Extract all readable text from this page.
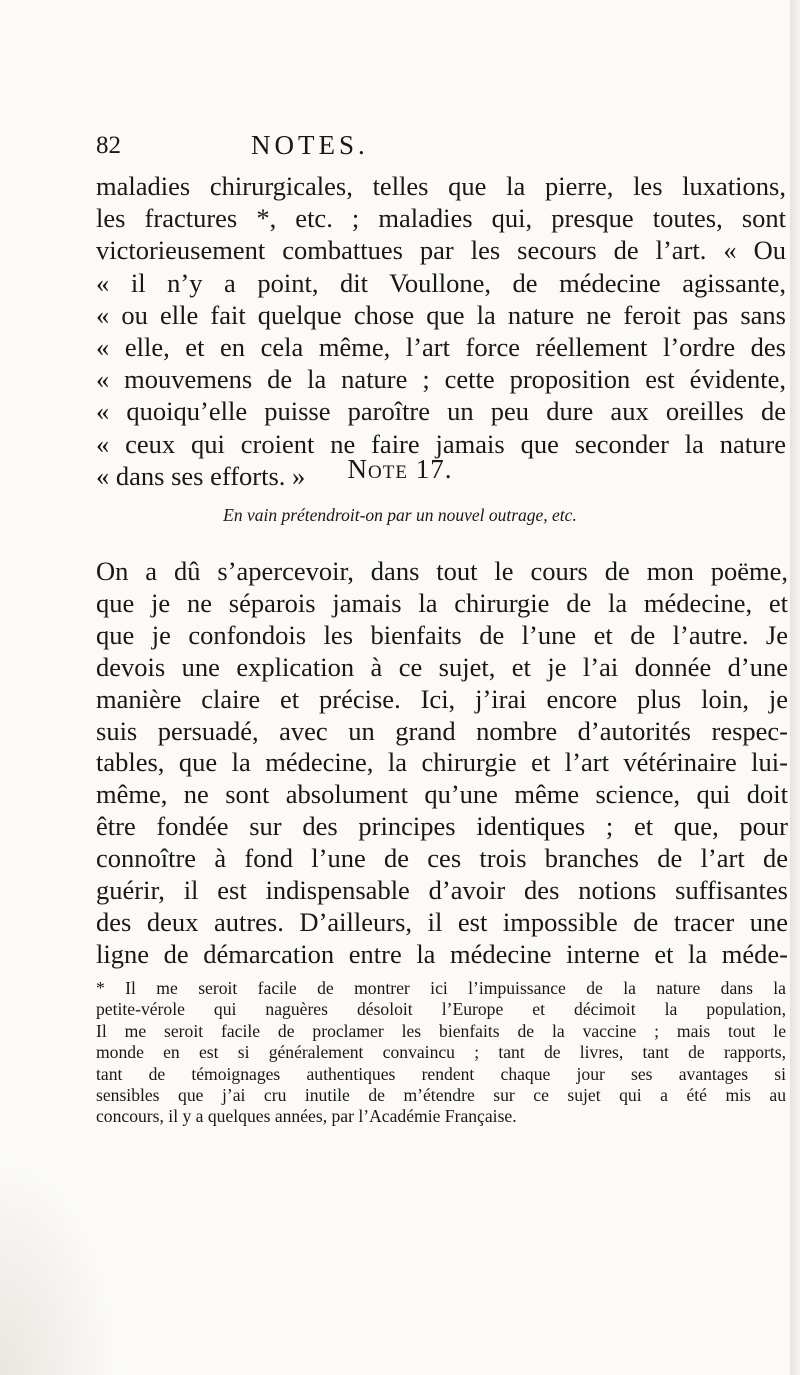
82	NOTES.
maladies chirurgicales, telles que la pierre, les luxations,
les fractures *, etc. ; maladies qui, presque toutes, sont
victorieusement combattues par les secours de l’art. « Ou
« il n’y a point, dit Voullone, de médecine agissante,
« ou elle fait quelque chose que la nature ne feroit pas sans
« elle, et en cela même, l’art force réellement l’ordre des
« mouvemens de la nature ; cette proposition est évidente,
« quoiqu’elle puisse paroître un peu dure aux oreilles de
« ceux qui croient ne faire jamais que seconder la nature
« dans ses efforts. »	Note 17.
En vain prétendroit-on par un nouvel outrage, etc.
On a dû s’apercevoir, dans tout le cours de mon poëme,
que je ne séparois jamais la chirurgie de la médecine, et
que je confondois les bienfaits de l’une et de l’autre. Je
devois une explication à ce sujet, et je l’ai donnée d’une
manière claire et précise. Ici, j’irai encore plus loin, je
suis persuadé, avec un grand nombre d’autorités respec-
tables, que la médecine, la chirurgie et l’art vétérinaire lui-
même, ne sont absolument qu’une même science, qui doit
être fondée sur des principes identiques ; et que, pour
connoître à fond l’une de ces trois branches de l’art de
guérir, il est indispensable d’avoir des notions suffisantes
des deux autres. D’ailleurs, il est impossible de tracer une
ligne de démarcation entre la médecine interne et la méde-
* Il me seroit facile de montrer ici l’impuissance de la nature dans la
petite-vérole qui naguères désoloit l’Europe et décimoit la population,
Il me seroit facile de proclamer les bienfaits de la vaccine ; mais tout le
monde en est si généralement convaincu ; tant de livres, tant de rapports,
tant de témoignages authentiques rendent chaque jour ses avantages si
sensibles que j’ai cru inutile de m’étendre sur ce sujet qui a été mis au
concours, il y a quelques années, par l’Académie Française.
